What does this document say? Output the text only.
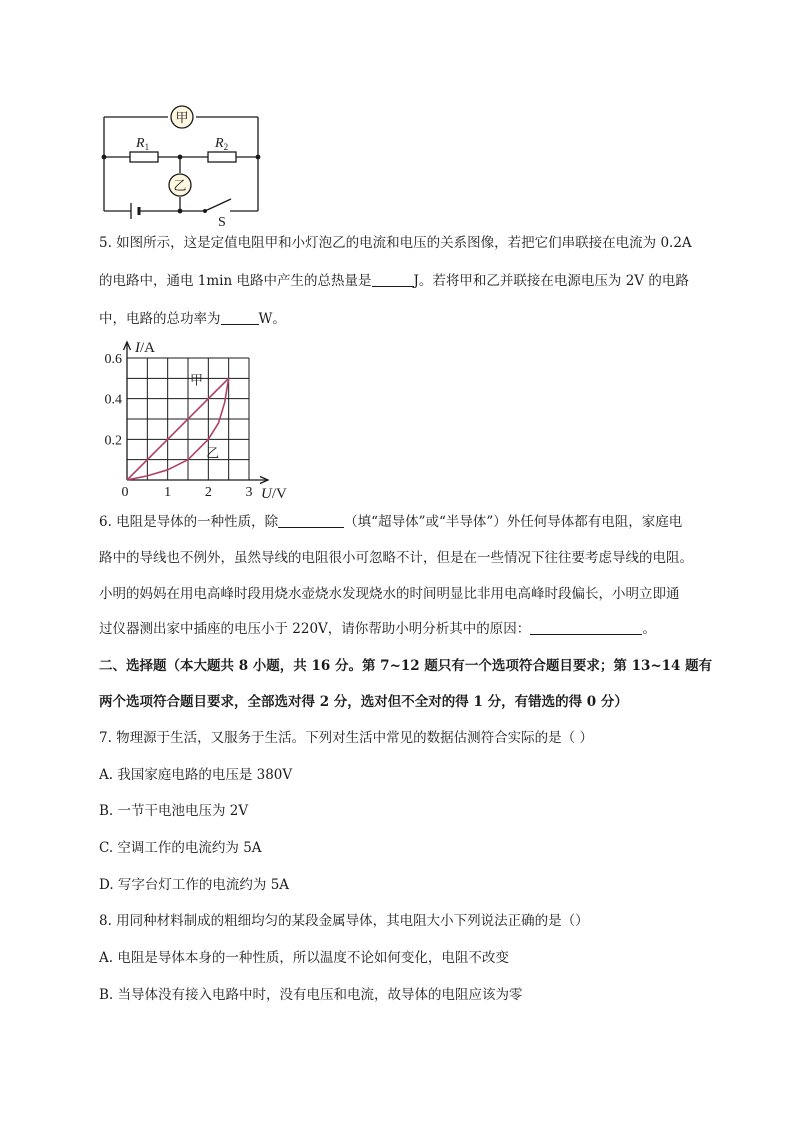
S
甲
乙
$R_1$	$R_2$
5. 如图所示，这是定值电阻甲和小灯泡乙的电流和电压的关系图像，若把它们串联接在电流为 0.2A
的电路中，通电 1min 电路中产生的总热量是	J。若将甲和乙并联接在电源电压为 2V 的电路
中，电路的总功率为	W。
甲
乙
0.2
0.4
0.6
0	1 2 3
I/A
U/V
6. 电阻是导体的一种性质，除	（填“超导体”或“半导体”）外任何导体都有电阻，家庭电
路中的导线也不例外，虽然导线的电阻很小可忽略不计，但是在一些情况下往往要考虑导线的电阻。
小明的妈妈在用电高峰时段用烧水壶烧水发现烧水的时间明显比非用电高峰时段偏长，小明立即通
过仪器测出家中插座的电压小于 220V，请你帮助小明分析其中的原因：	。
二、选择题（本大题共 8 小题，共 16 分。第 7~12 题只有一个选项符合题目要求；第 13~14 题有
两个选项符合题目要求，全部选对得 2 分，选对但不全对的得 1 分，有错选的得 0 分）
7. 物理源于生活，又服务于生活。下列对生活中常见的数据估测符合实际的是（ ）
A. 我国家庭电路的电压是 380V
B. 一节干电池电压为 2V
C. 空调工作的电流约为 5A
D. 写字台灯工作的电流约为 5A
8. 用同种材料制成的粗细均匀的某段金属导体，其电阻大小下列说法正确的是（）
A. 电阻是导体本身的一种性质，所以温度不论如何变化，电阻不改变
B. 当导体没有接入电路中时，没有电压和电流，故导体的电阻应该为零
